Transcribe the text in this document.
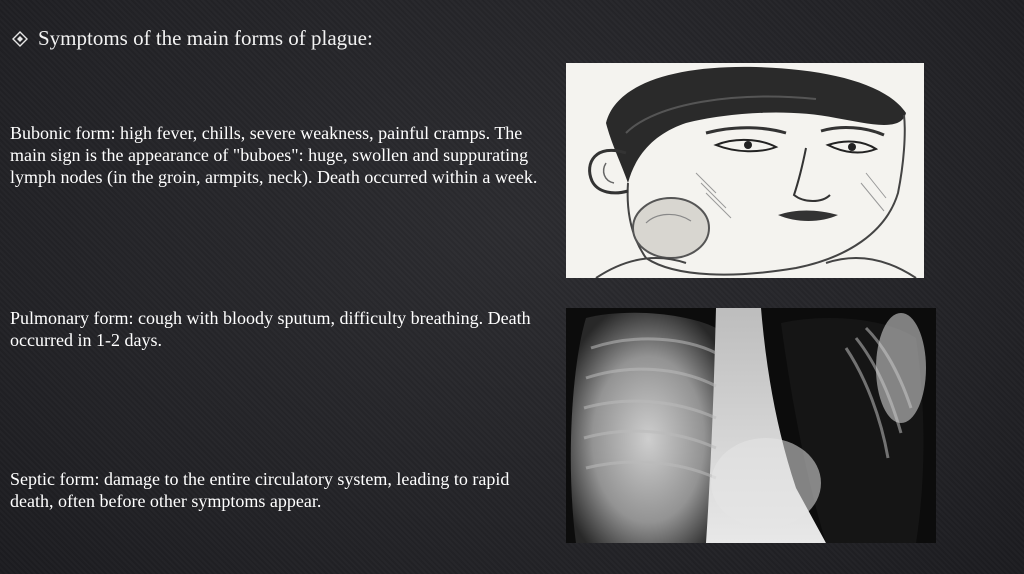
Symptoms of the main forms of plague:
Bubonic form: high fever, chills, severe weakness, painful cramps. The main sign is the appearance of "buboes": huge, swollen and suppurating lymph nodes (in the groin, armpits, neck). Death occurred within a week.
Pulmonary form: cough with bloody sputum, difficulty breathing. Death occurred in 1-2 days.
Septic form: damage to the entire circulatory system, leading to rapid death, often before other symptoms appear.
